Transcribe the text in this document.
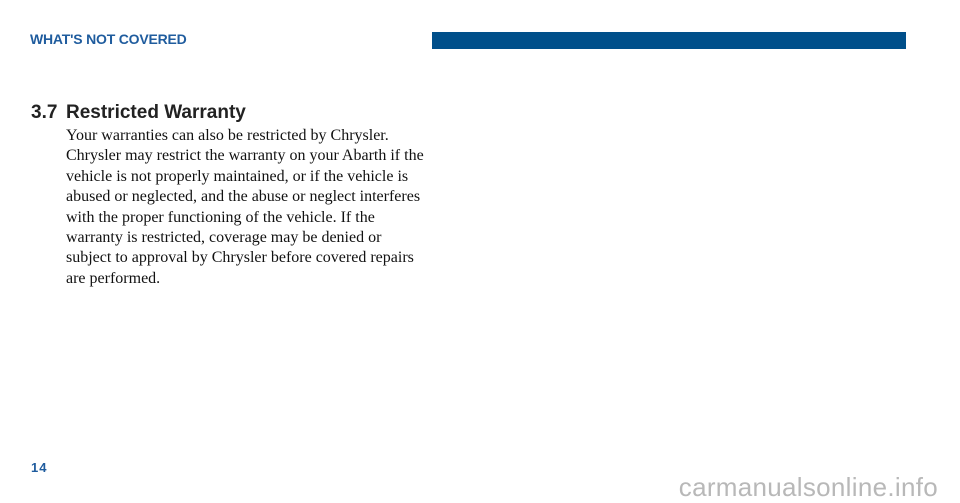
WHAT'S NOT COVERED
3.7 Restricted Warranty

Your warranties can also be restricted by Chrysler.
Chrysler may restrict the warranty on your Abarth if the
vehicle is not properly maintained, or if the vehicle is
abused or neglected, and the abuse or neglect interferes
with the proper functioning of the vehicle. If the
warranty is restricted, coverage may be denied or
subject to approval by Chrysler before covered repairs
are performed.

14
carmanualsonline.info
